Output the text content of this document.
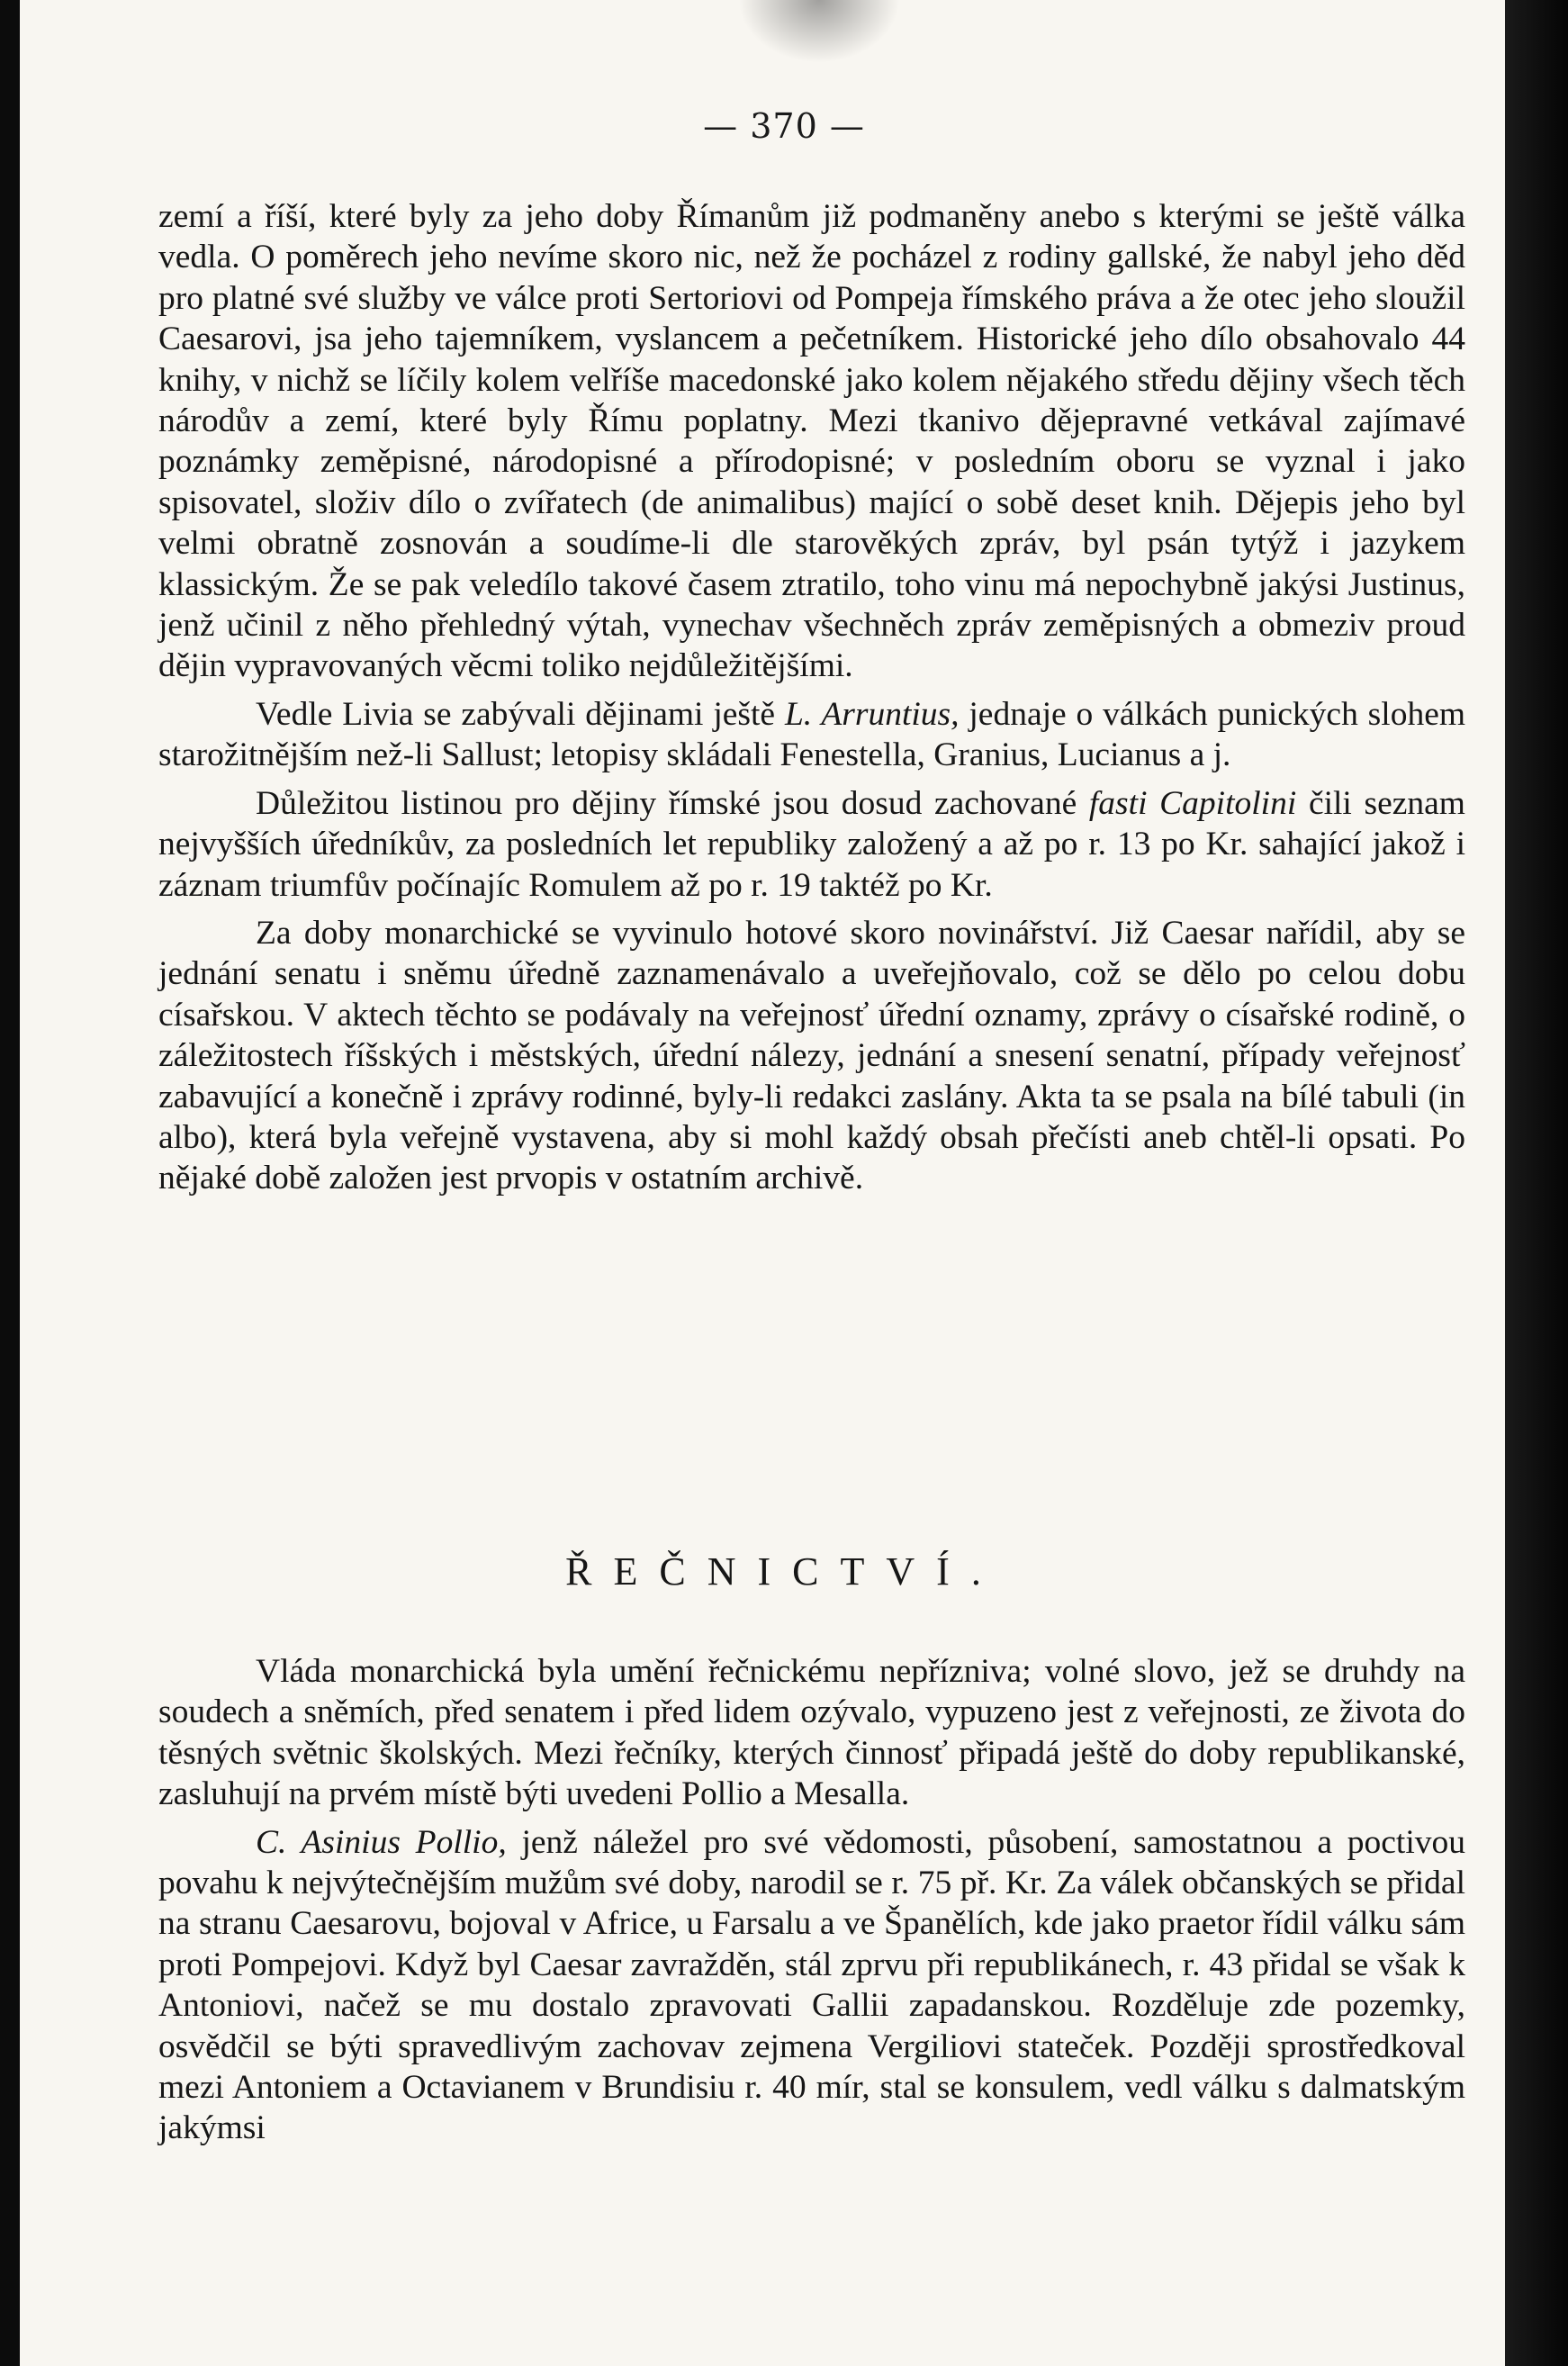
— 370 —

zemí a říší, které byly za jeho doby Římanům již podmaněny anebo s kterými se ještě válka vedla. O poměrech jeho nevíme skoro nic, než že pocházel z rodiny gallské, že nabyl jeho děd pro platné své služby ve válce proti Sertoriovi od Pompeja římského práva a že otec jeho sloužil Caesarovi, jsa jeho tajemníkem, vyslancem a pečetníkem. Historické jeho dílo obsahovalo 44 knihy, v nichž se líčily kolem velříše macedonské jako kolem nějakého středu dějiny všech těch národův a zemí, které byly Římu poplatny. Mezi tkanivo dějepravné vetkával zajímavé poznámky zeměpisné, národopisné a přírodopisné; v posledním oboru se vyznal i jako spisovatel, složiv dílo o zvířatech (de animalibus) mající o sobě deset knih. Dějepis jeho byl velmi obratně zosnován a soudíme-li dle starověkých zpráv, byl psán tytýž i jazykem klassickým. Že se pak veledílo takové časem ztratilo, toho vinu má nepochybně jakýsi Justinus, jenž učinil z něho přehledný výtah, vynechav všechněch zpráv zeměpisných a obmeziv proud dějin vypravovaných věcmi toliko nejdůležitějšími.

Vedle Livia se zabývali dějinami ještě L. Arruntius, jednaje o válkách punických slohem starožitnějším než-li Sallust; letopisy skládali Fenestella, Granius, Lucianus a j.

Důležitou listinou pro dějiny římské jsou dosud zachované fasti Capitolini čili seznam nejvyšších úředníkův, za posledních let republiky založený a až po r. 13 po Kr. sahající jakož i záznam triumfův počínajíc Romulem až po r. 19 taktéž po Kr.

Za doby monarchické se vyvinulo hotové skoro novinářství. Již Caesar nařídil, aby se jednání senatu i sněmu úředně zaznamenávalo a uveřejňovalo, což se dělo po celou dobu císařskou. V aktech těchto se podávaly na veřejnosť úřední oznamy, zprávy o císařské rodině, o záležitostech říšských i městských, úřední nálezy, jednání a snesení senatní, případy veřejnosť zabavující a konečně i zprávy rodinné, byly-li redakci zaslány. Akta ta se psala na bílé tabuli (in albo), která byla veřejně vystavena, aby si mohl každý obsah přečísti aneb chtěl-li opsati. Po nějaké době založen jest prvopis v ostatním archivě.

ŘEČNICTVÍ.

Vláda monarchická byla umění řečnickému nepřízniva; volné slovo, jež se druhdy na soudech a sněmích, před senatem i před lidem ozývalo, vypuzeno jest z veřejnosti, ze života do těsných světnic školských. Mezi řečníky, kterých činnosť připadá ještě do doby republikanské, zasluhují na prvém místě býti uvedeni Pollio a Mesalla.

C. Asinius Pollio, jenž náležel pro své vědomosti, působení, samostatnou a poctivou povahu k nejvýtečnějším mužům své doby, narodil se r. 75 př. Kr. Za válek občanských se přidal na stranu Caesarovu, bojoval v Africe, u Farsalu a ve Španělích, kde jako praetor řídil válku sám proti Pompejovi. Když byl Caesar zavražděn, stál zprvu při republikánech, r. 43 přidal se však k Antoniovi, načež se mu dostalo zpravovati Gallii zapadanskou. Rozděluje zde pozemky, osvědčil se býti spravedlivým zachovav zejmena Vergiliovi stateček. Později sprostředkoval mezi Antoniem a Octavianem v Brundisiu r. 40 mír, stal se konsulem, vedl válku s dalmatským jakýmsi
